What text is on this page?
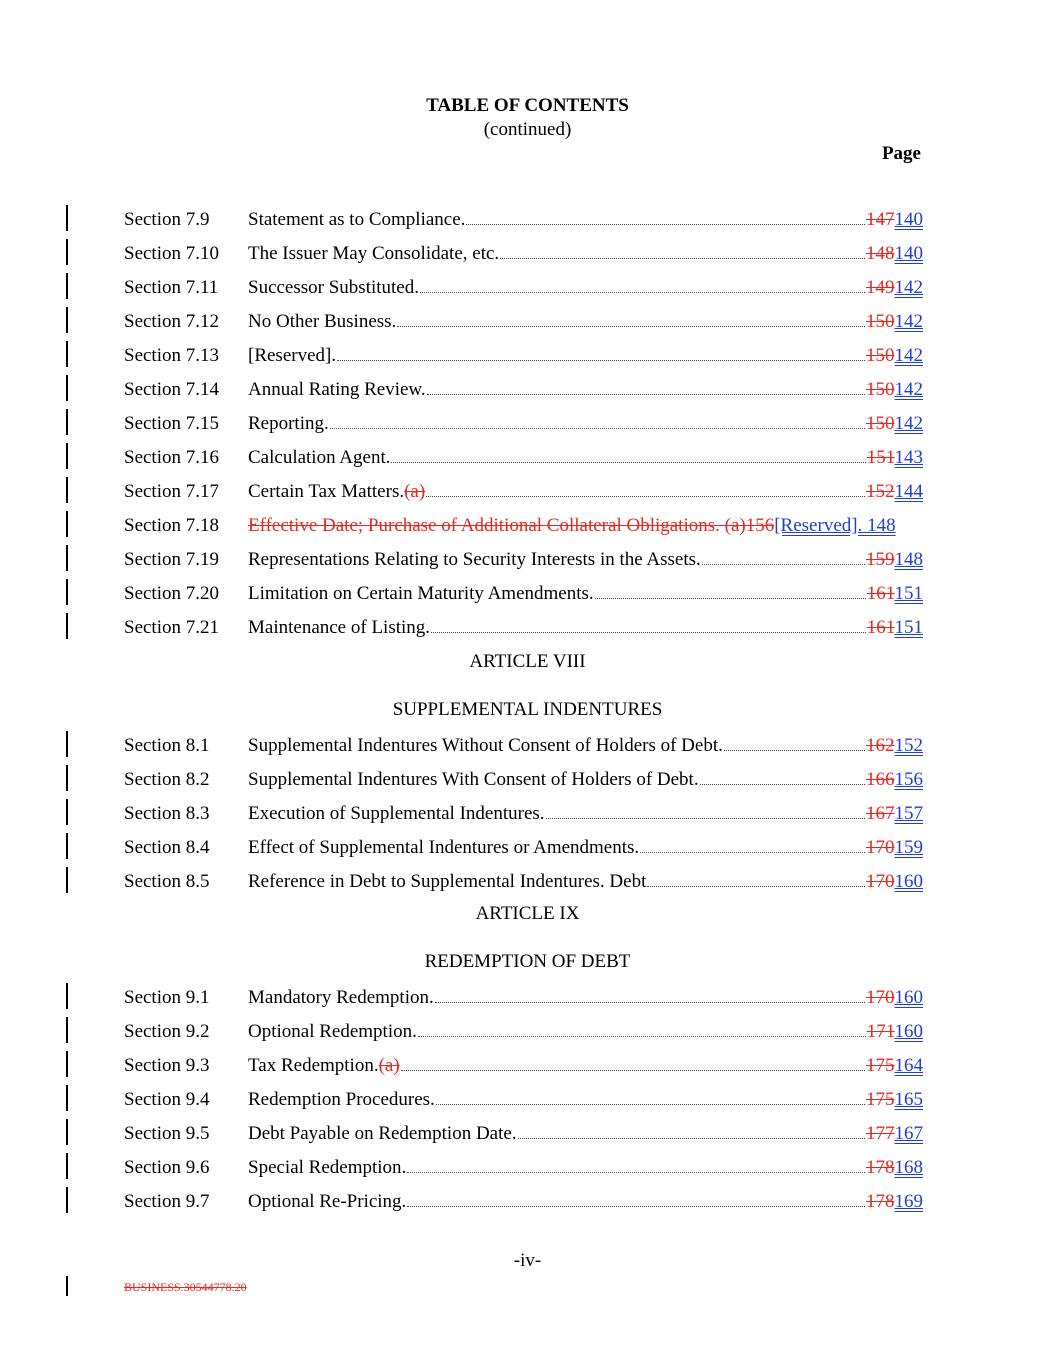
TABLE OF CONTENTS
(continued)
Page
Section 7.9 Statement as to Compliance.	147140
Section 7.10 The Issuer May Consolidate, etc.	148140
Section 7.11 Successor Substituted.	149142
Section 7.12 No Other Business.	150142
Section 7.13 [Reserved].	150142
Section 7.14 Annual Rating Review.	150142
Section 7.15 Reporting.	150142
Section 7.16 Calculation Agent.	151143
Section 7.17 Certain Tax Matters. (a)	152144
Section 7.18 Effective Date; Purchase of Additional Collateral Obligations. (a)156 [Reserved]. 148
Section 7.19 Representations Relating to Security Interests in the Assets.	159148
Section 7.20 Limitation on Certain Maturity Amendments.	161151
Section 7.21 Maintenance of Listing.	161151
Section 8.1 Supplemental Indentures Without Consent of Holders of Debt.	162152
Section 8.2 Supplemental Indentures With Consent of Holders of Debt.	166156
Section 8.3 Execution of Supplemental Indentures.	167157
Section 8.4 Effect of Supplemental Indentures or Amendments.	170159
Section 8.5 Reference in Debt to Supplemental Indentures. Debt	170160
Section 9.1 Mandatory Redemption.	170160
Section 9.2 Optional Redemption.	171160
Section 9.3 Tax Redemption. (a)	175164
Section 9.4 Redemption Procedures.	175165
Section 9.5 Debt Payable on Redemption Date.	177167
Section 9.6 Special Redemption.	178168
Section 9.7 Optional Re-Pricing.	178169
ARTICLE VIII
SUPPLEMENTAL INDENTURES
ARTICLE IX
REDEMPTION OF DEBT
-iv-
BUSINESS.30544778.20
